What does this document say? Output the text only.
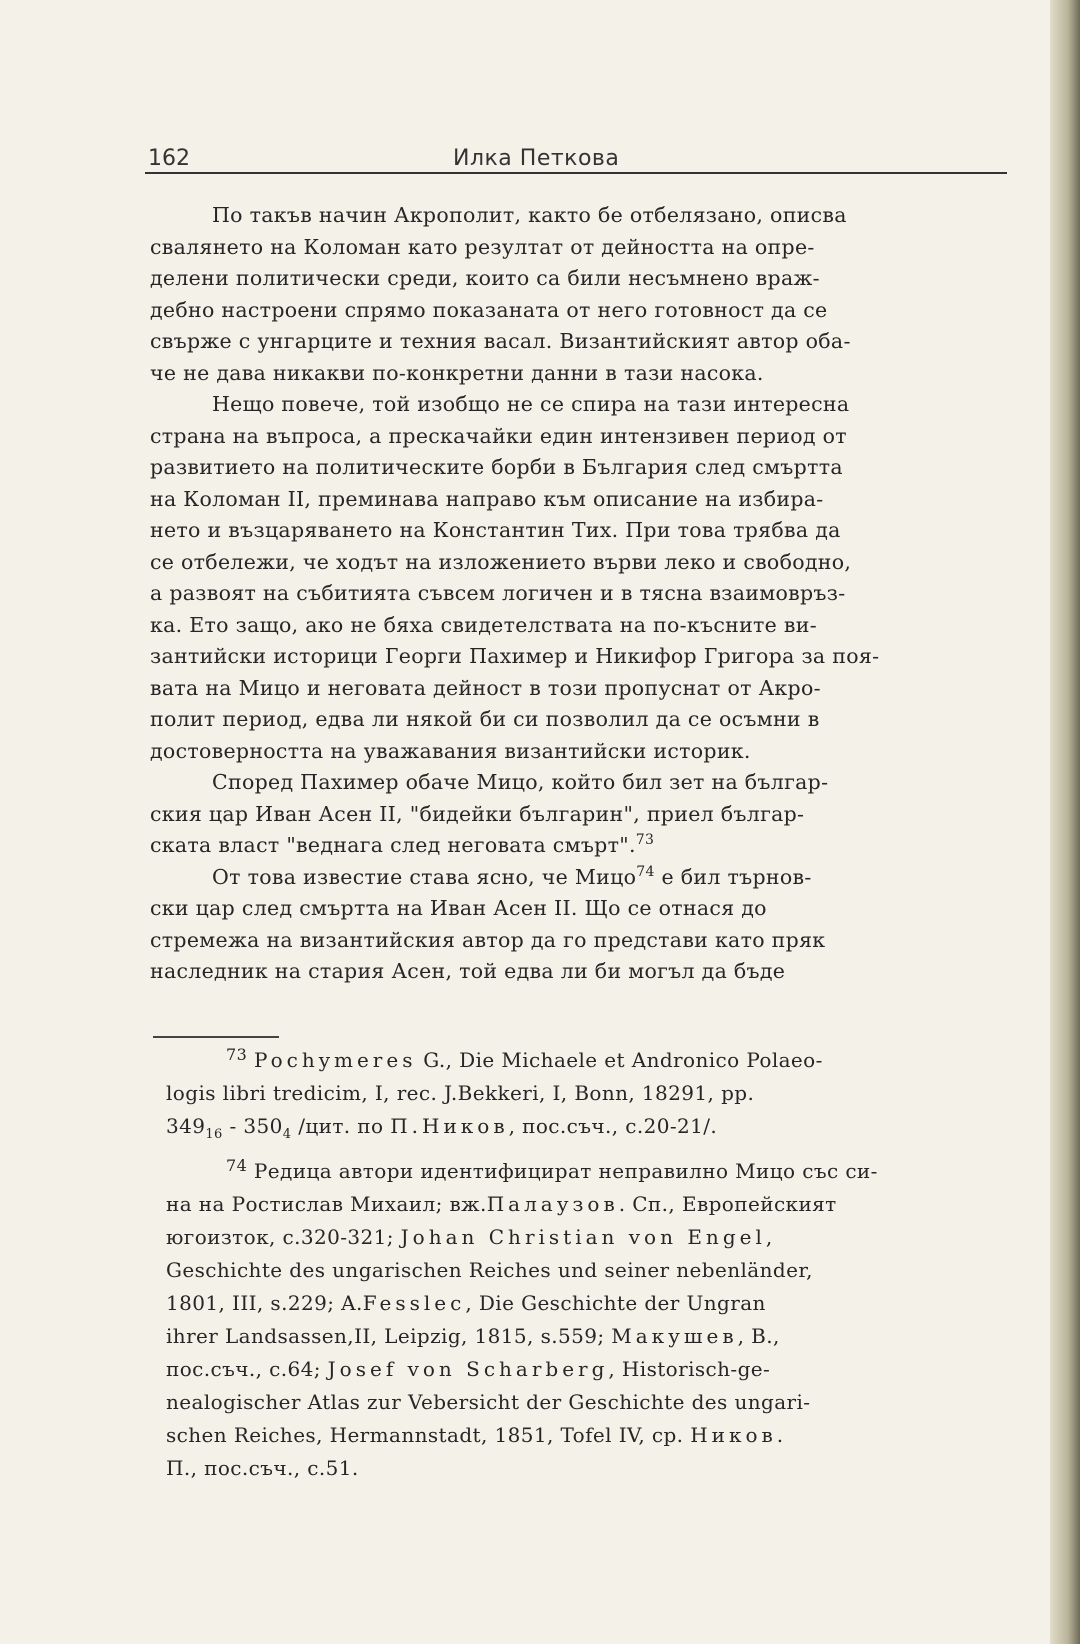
162	Илка Петкова

По такъв начин Акрополит, както бе отбелязано, описва
свалянето на Коломан като резултат от дейността на опре-
делени политически среди, които са били несъмнено враж-
дебно настроени спрямо показаната от него готовност да се
свърже с унгарците и техния васал. Византийският автор оба-
че не дава никакви по-конкретни данни в тази насока.

Нещо повече, той изобщо не се спира на тази интересна
страна на въпроса, а прескачайки един интензивен период от
развитието на политическите борби в България след смъртта
на Коломан II, преминава направо към описание на избира-
нето и възцаряването на Константин Тих. При това трябва да
се отбележи, че ходът на изложението върви леко и свободно,
а развоят на събитията съвсем логичен и в тясна взаимовръз-
ка. Ето защо, ако не бяха свидетелствата на по-късните ви-
зантийски историци Георги Пахимер и Никифор Григора за поя-
вата на Мицо и неговата дейност в този пропуснат от Акро-
полит период, едва ли някой би си позволил да се осъмни в
достоверността на уважавания византийски историк.

Според Пахимер обаче Мицо, който бил зет на българ-
ския цар Иван Асен II, "бидейки българин", приел българ-
ската власт "веднага след неговата смърт".$^{73}$

От това известие става ясно, че Мицо$^{74}$ е бил търнов-
ски цар след смъртта на Иван Асен II. Що се отнася до
стремежа на византийския автор да го представи като пряк
наследник на стария Асен, той едва ли би могъл да бъде

$^{73}$ Pochymeres G., Die Michaele et Andronico Polaeo-
logis libri tredicim, I, rec. J.Bekkeri, I, Bonn, 18291, pp.
$349_{16} - 350_4$ /цит. по П.Ников, пос.съч., с.20-21/.
$^{74}$ Редица автори идентифицират неправилно Мицо със си-
на на Ростислав Михаил; вж.Палаузов. Сп., Европейският
югоизток, с.320-321; Johan Christian von Engel,
Geschichte des ungarischen Reiches und seiner nebenländer,
1801, III, s.229; A.Fesslec, Die Geschichte der Ungran
ihrer Landsassen,II, Leipzig, 1815, s.559; Макушев, В.,
пос.съч., с.64; Josef von Scharberg, Historisch-ge-
nealogischer Atlas zur Vebersicht der Geschichte des ungari-
schen Reiches, Hermannstadt, 1851, Tofel IV, ср. Ников.
П., пос.съч., с.51.
